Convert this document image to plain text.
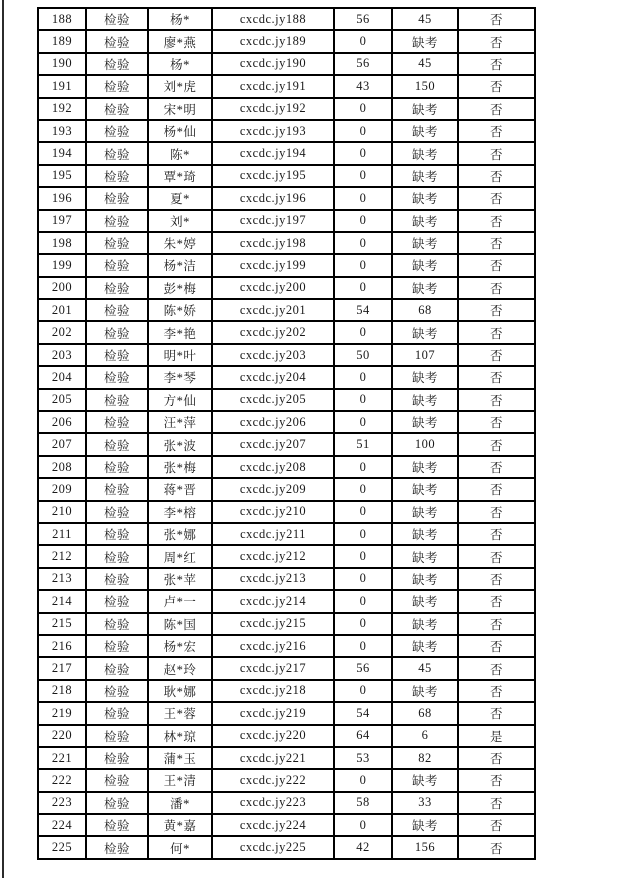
188	检验	杨*	cxcdc.jy188	56	45	否
189	检验	廖*燕	cxcdc.jy189	0	缺考	否
190	检验	杨*	cxcdc.jy190	56	45	否
191	检验	刘*虎	cxcdc.jy191	43	150	否
192	检验	宋*明	cxcdc.jy192	0	缺考	否
193	检验	杨*仙	cxcdc.jy193	0	缺考	否
194	检验	陈*	cxcdc.jy194	0	缺考	否
195	检验	覃*琦	cxcdc.jy195	0	缺考	否
196	检验	夏*	cxcdc.jy196	0	缺考	否
197	检验	刘*	cxcdc.jy197	0	缺考	否
198	检验	朱*婷	cxcdc.jy198	0	缺考	否
199	检验	杨*洁	cxcdc.jy199	0	缺考	否
200	检验	彭*梅	cxcdc.jy200	0	缺考	否
201	检验	陈*娇	cxcdc.jy201	54	68	否
202	检验	李*艳	cxcdc.jy202	0	缺考	否
203	检验	明*叶	cxcdc.jy203	50	107	否
204	检验	李*琴	cxcdc.jy204	0	缺考	否
205	检验	方*仙	cxcdc.jy205	0	缺考	否
206	检验	汪*萍	cxcdc.jy206	0	缺考	否
207	检验	张*波	cxcdc.jy207	51	100	否
208	检验	张*梅	cxcdc.jy208	0	缺考	否
209	检验	蒋*晋	cxcdc.jy209	0	缺考	否
210	检验	李*榕	cxcdc.jy210	0	缺考	否
211	检验	张*娜	cxcdc.jy211	0	缺考	否
212	检验	周*红	cxcdc.jy212	0	缺考	否
213	检验	张*苹	cxcdc.jy213	0	缺考	否
214	检验	卢*一	cxcdc.jy214	0	缺考	否
215	检验	陈*国	cxcdc.jy215	0	缺考	否
216	检验	杨*宏	cxcdc.jy216	0	缺考	否
217	检验	赵*玲	cxcdc.jy217	56	45	否
218	检验	耿*娜	cxcdc.jy218	0	缺考	否
219	检验	王*蓉	cxcdc.jy219	54	68	否
220	检验	林*琼	cxcdc.jy220	64	6	是
221	检验	蒲*玉	cxcdc.jy221	53	82	否
222	检验	王*清	cxcdc.jy222	0	缺考	否
223	检验	潘*	cxcdc.jy223	58	33	否
224	检验	黄*嘉	cxcdc.jy224	0	缺考	否
225	检验	何*	cxcdc.jy225	42	156	否
